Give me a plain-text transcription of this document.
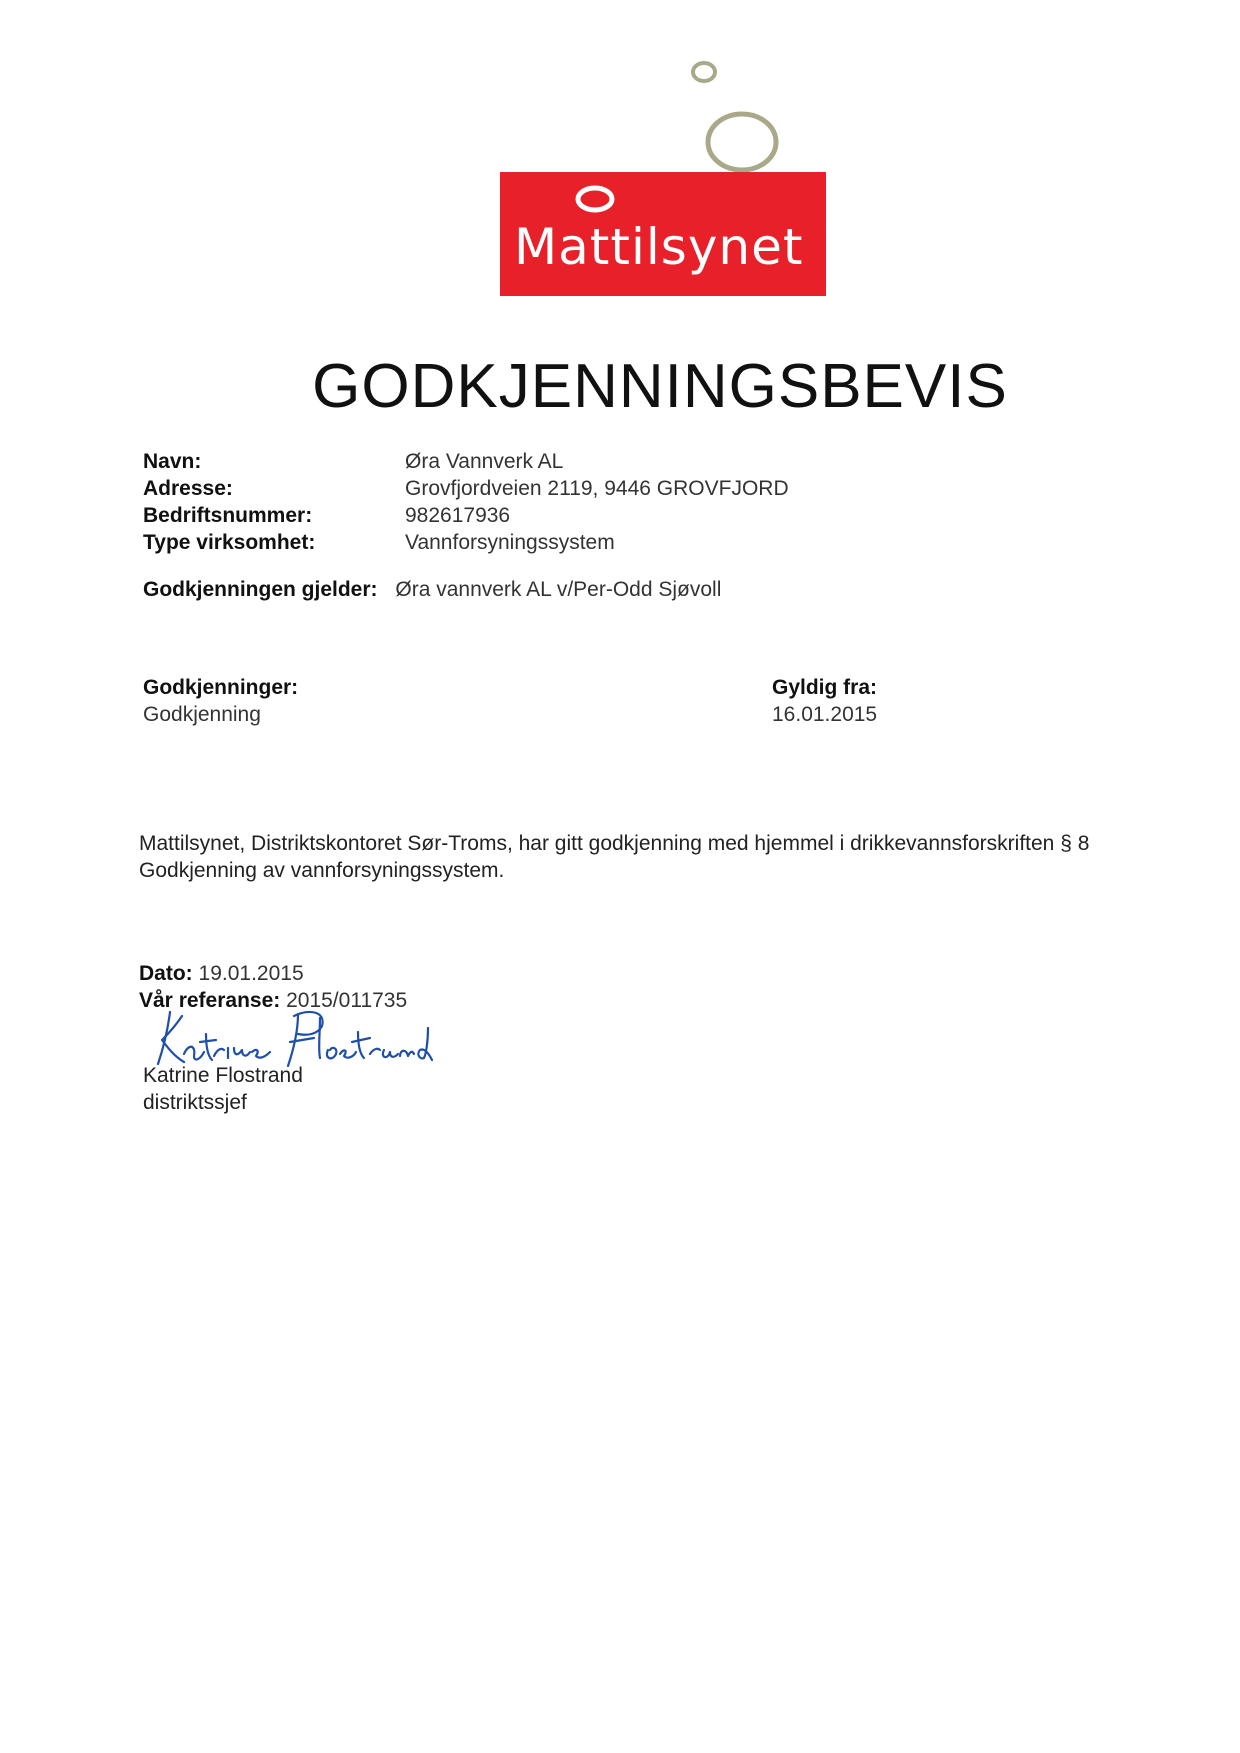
Mattilsynet
GODKJENNINGSBEVIS
Navn:	Øra Vannverk AL
Adresse:	Grovfjordveien 2119, 9446 GROVFJORD
Bedriftsnummer:	982617936
Type virksomhet:	Vannforsyningssystem
Godkjenningen gjelder: Øra vannverk AL v/Per-Odd Sjøvoll
Godkjenninger:
Godkjenning
Gyldig fra:
16.01.2015

Mattilsynet, Distriktskontoret Sør-Troms, har gitt godkjenning med hjemmel i drikkevannsforskriften § 8

Godkjenning av vannforsyningssystem.

Dato: 19.01.2015
Vår referanse: 2015/011735
Katrine Flostrand
distriktssjef
